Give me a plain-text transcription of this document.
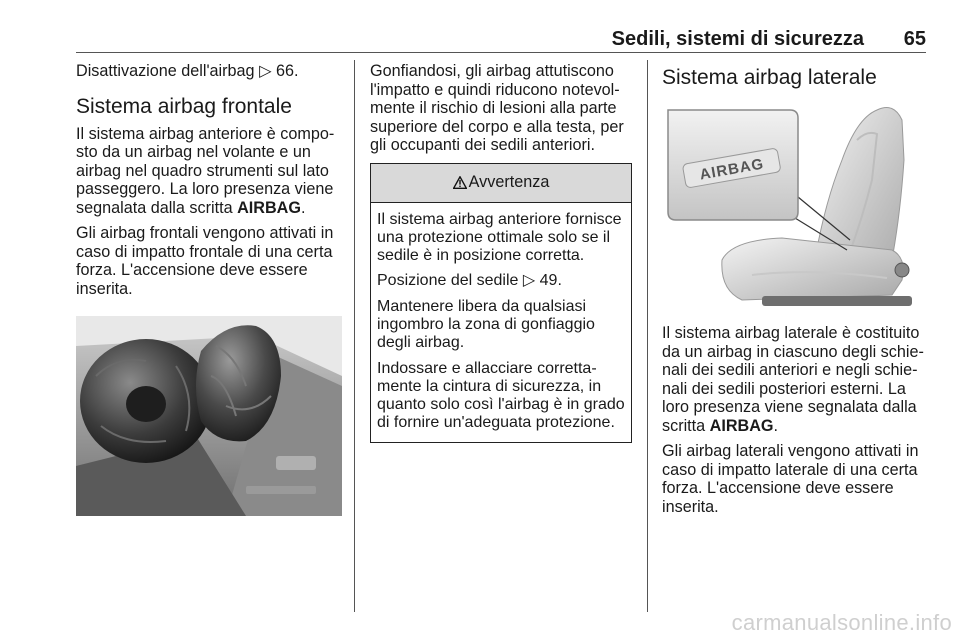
Sedili, sistemi di sicurezza 65

Disattivazione dell'airbag ▷ 66.

Sistema airbag frontale

Il sistema airbag anteriore è compo-sto da un airbag nel volante e un airbag nel quadro strumenti sul lato passeggero. La loro presenza viene segnalata dalla scritta AIRBAG.

Gli airbag frontali vengono attivati in caso di impatto frontale di una certa forza. L'accensione deve essere inserita.

Gonfiandosi, gli airbag attutiscono l'impatto e quindi riducono notevol-mente il rischio di lesioni alla parte superiore del corpo e alla testa, per gli occupanti dei sedili anteriori.

Avvertenza

Il sistema airbag anteriore fornisce una protezione ottimale solo se il sedile è in posizione corretta.

Posizione del sedile ▷ 49.

Mantenere libera da qualsiasi ingombro la zona di gonfiaggio degli airbag.

Indossare e allacciare corretta-mente la cintura di sicurezza, in quanto solo così l'airbag è in grado di fornire un'adeguata protezione.

Sistema airbag laterale
AIRBAG

Il sistema airbag laterale è costituito da un airbag in ciascuno degli schie-nali dei sedili anteriori e negli schie-nali dei sedili posteriori esterni. La loro presenza viene segnalata dalla scritta AIRBAG.

Gli airbag laterali vengono attivati in caso di impatto laterale di una certa forza. L'accensione deve essere inserita.

carmanualsonline.info
